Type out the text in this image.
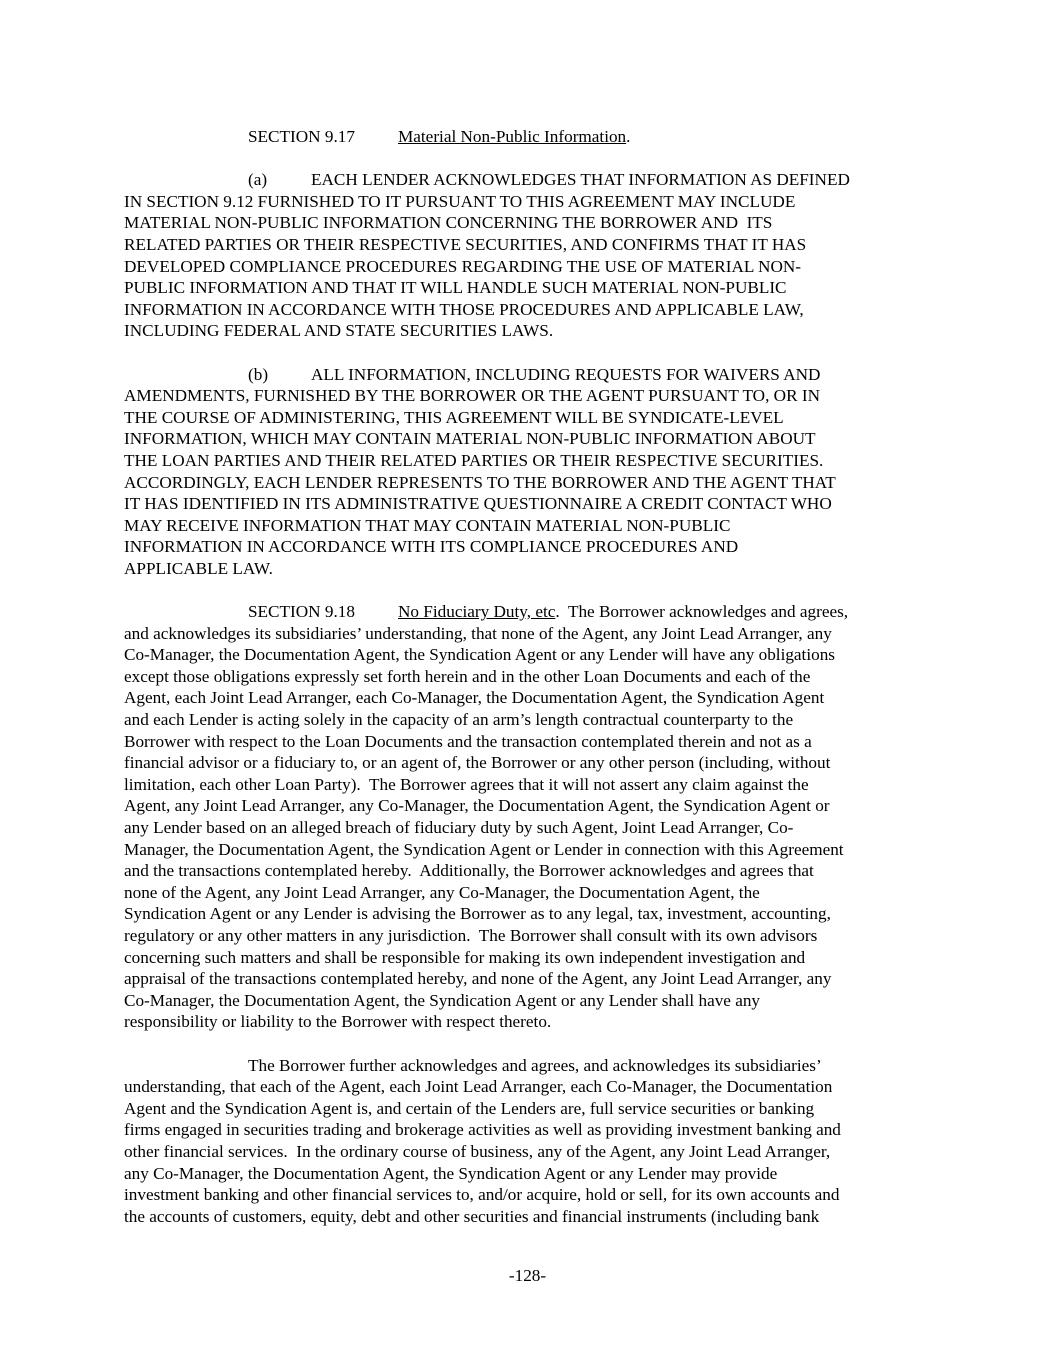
SECTION 9.17	Material Non-Public Information.
(a)	EACH LENDER ACKNOWLEDGES THAT INFORMATION AS DEFINED
IN SECTION 9.12 FURNISHED TO IT PURSUANT TO THIS AGREEMENT MAY INCLUDE
MATERIAL NON-PUBLIC INFORMATION CONCERNING THE BORROWER AND  ITS
RELATED PARTIES OR THEIR RESPECTIVE SECURITIES, AND CONFIRMS THAT IT HAS
DEVELOPED COMPLIANCE PROCEDURES REGARDING THE USE OF MATERIAL NON-
PUBLIC INFORMATION AND THAT IT WILL HANDLE SUCH MATERIAL NON-PUBLIC
INFORMATION IN ACCORDANCE WITH THOSE PROCEDURES AND APPLICABLE LAW,
INCLUDING FEDERAL AND STATE SECURITIES LAWS.
(b) ALL INFORMATION, INCLUDING REQUESTS FOR WAIVERS AND
AMENDMENTS, FURNISHED BY THE BORROWER OR THE AGENT PURSUANT TO, OR IN
THE COURSE OF ADMINISTERING, THIS AGREEMENT WILL BE SYNDICATE-LEVEL
INFORMATION, WHICH MAY CONTAIN MATERIAL NON-PUBLIC INFORMATION ABOUT
THE LOAN PARTIES AND THEIR RELATED PARTIES OR THEIR RESPECTIVE SECURITIES.
ACCORDINGLY, EACH LENDER REPRESENTS TO THE BORROWER AND THE AGENT THAT
IT HAS IDENTIFIED IN ITS ADMINISTRATIVE QUESTIONNAIRE A CREDIT CONTACT WHO
MAY RECEIVE INFORMATION THAT MAY CONTAIN MATERIAL NON-PUBLIC
INFORMATION IN ACCORDANCE WITH ITS COMPLIANCE PROCEDURES AND
APPLICABLE LAW.
SECTION 9.18	No Fiduciary Duty, etc.  The Borrower acknowledges and agrees,
and acknowledges its subsidiaries’ understanding, that none of the Agent, any Joint Lead Arranger, any
Co-Manager, the Documentation Agent, the Syndication Agent or any Lender will have any obligations
except those obligations expressly set forth herein and in the other Loan Documents and each of the
Agent, each Joint Lead Arranger, each Co-Manager, the Documentation Agent, the Syndication Agent
and each Lender is acting solely in the capacity of an arm’s length contractual counterparty to the
Borrower with respect to the Loan Documents and the transaction contemplated therein and not as a
financial advisor or a fiduciary to, or an agent of, the Borrower or any other person (including, without
limitation, each other Loan Party).  The Borrower agrees that it will not assert any claim against the
Agent, any Joint Lead Arranger, any Co-Manager, the Documentation Agent, the Syndication Agent or
any Lender based on an alleged breach of fiduciary duty by such Agent, Joint Lead Arranger, Co-
Manager, the Documentation Agent, the Syndication Agent or Lender in connection with this Agreement
and the transactions contemplated hereby.  Additionally, the Borrower acknowledges and agrees that
none of the Agent, any Joint Lead Arranger, any Co-Manager, the Documentation Agent, the
Syndication Agent or any Lender is advising the Borrower as to any legal, tax, investment, accounting,
regulatory or any other matters in any jurisdiction.  The Borrower shall consult with its own advisors
concerning such matters and shall be responsible for making its own independent investigation and
appraisal of the transactions contemplated hereby, and none of the Agent, any Joint Lead Arranger, any
Co-Manager, the Documentation Agent, the Syndication Agent or any Lender shall have any
responsibility or liability to the Borrower with respect thereto.
The Borrower further acknowledges and agrees, and acknowledges its subsidiaries’
understanding, that each of the Agent, each Joint Lead Arranger, each Co-Manager, the Documentation
Agent and the Syndication Agent is, and certain of the Lenders are, full service securities or banking
firms engaged in securities trading and brokerage activities as well as providing investment banking and
other financial services.  In the ordinary course of business, any of the Agent, any Joint Lead Arranger,
any Co-Manager, the Documentation Agent, the Syndication Agent or any Lender may provide
investment banking and other financial services to, and/or acquire, hold or sell, for its own accounts and
the accounts of customers, equity, debt and other securities and financial instruments (including bank
-128-
